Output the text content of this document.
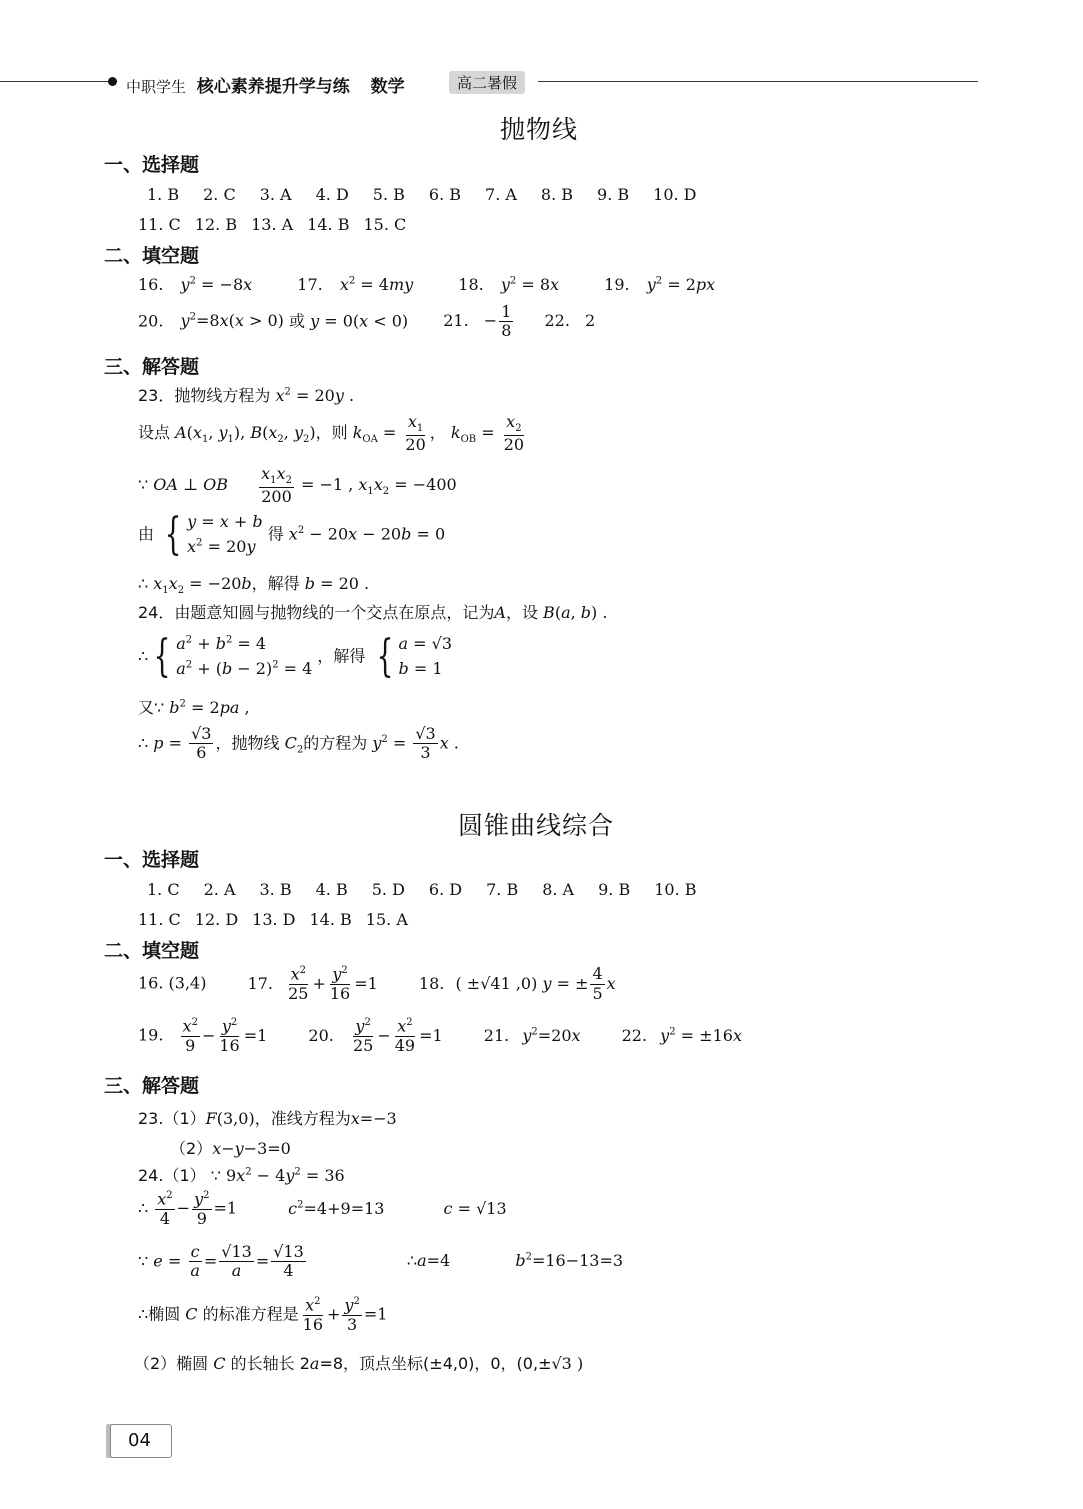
中职学生 核心素养提升学与练 数学	高二暑假
抛物线
一、选择题
1. B 2. C 3. A 4. D 5. B 6. B 7. A 8. B 9. B 10. D
11. C 12. B 13. A 14. B 15. C
二、填空题
16. $y^2 = -8x$	17. $x^2 = 4my$	18. $y^2 = 8x$	19. $y^2 = 2px$
20. $y^2=8x(x > 0)$ 或 y = 0(x < 0) 21. − $\frac{1}{8} 22$. 2
三、解答题
23．抛物线方程为 $x^2 = 20y$ .
设点 $A(x_1$, $y_1$), $B(x_2$, $y_2$)，则 $k_{OA} = \frac{x_1}{20}$ ， $k_{OB} = \frac{x_2}{20}$
∵ OA ⊥ OB $\frac{x_1x_2}{200} = -1$ , $x_1x_2 = -400$
由 { y = x + b
$x^2 = 20y$
得 $x^2 - 20x - 20b = 0$
∴ $x_1x_2 = -20b$，解得 b = 20 .
24．由题意知圆与抛物线的一个交点在原点，记为A，设 B(a, b) .
∴ { $a^2 + b^2 = 4$
$a^2 + (b - 2)^2 = 4$
，解得 { a = √3
b = 1
又∵ $b^2 = 2pa$ ,
∴ $p = \frac{√3}{6}$ ，抛物线 $C_2$的方程为 $y^2 = \frac{√3}{3}$ x .
圆锥曲线综合
一、选择题
1. C 2. A 3. B 4. B 5. D 6. D 7. B 8. A 9. B 10. B
11. C 12. D 13. D 14. B 15. A
二、填空题
16. (3,4)	17. $\frac{x^2}{25} + \frac{y^2}{16} =1$	18. ( ±√41 ,0) y = ± $\frac{4}{5}$ x
19. $\frac{x^2}{9} - \frac{y^2}{16} =1$	20. $\frac{y^2}{25} - \frac{x^2}{49} =1$	21. $y^2=20x$	22. $y^2 = \pm 16x$
三、解答题
23.（1）F(3,0)，准线方程为x=−3
（2）x−y−3=0
24.（1） ∵ $9x^2 - 4y^2 = 36$
∴ $\frac{x^2}{4} - \frac{y^2}{9} =1$	$c^2=4+9=13$	c = √13
∵ $e = \frac{c}{a} = \frac{√13}{a} = \frac{√13}{4}$	∴a=4	$b^2=16-13=3$
∴椭圆 C 的标准方程是 $\frac{x^2}{16} + \frac{y^2}{3} =1$
（2）椭圆 C 的长轴长 2a=8，顶点坐标(±4,0)，0，(0,±√3 )
04
